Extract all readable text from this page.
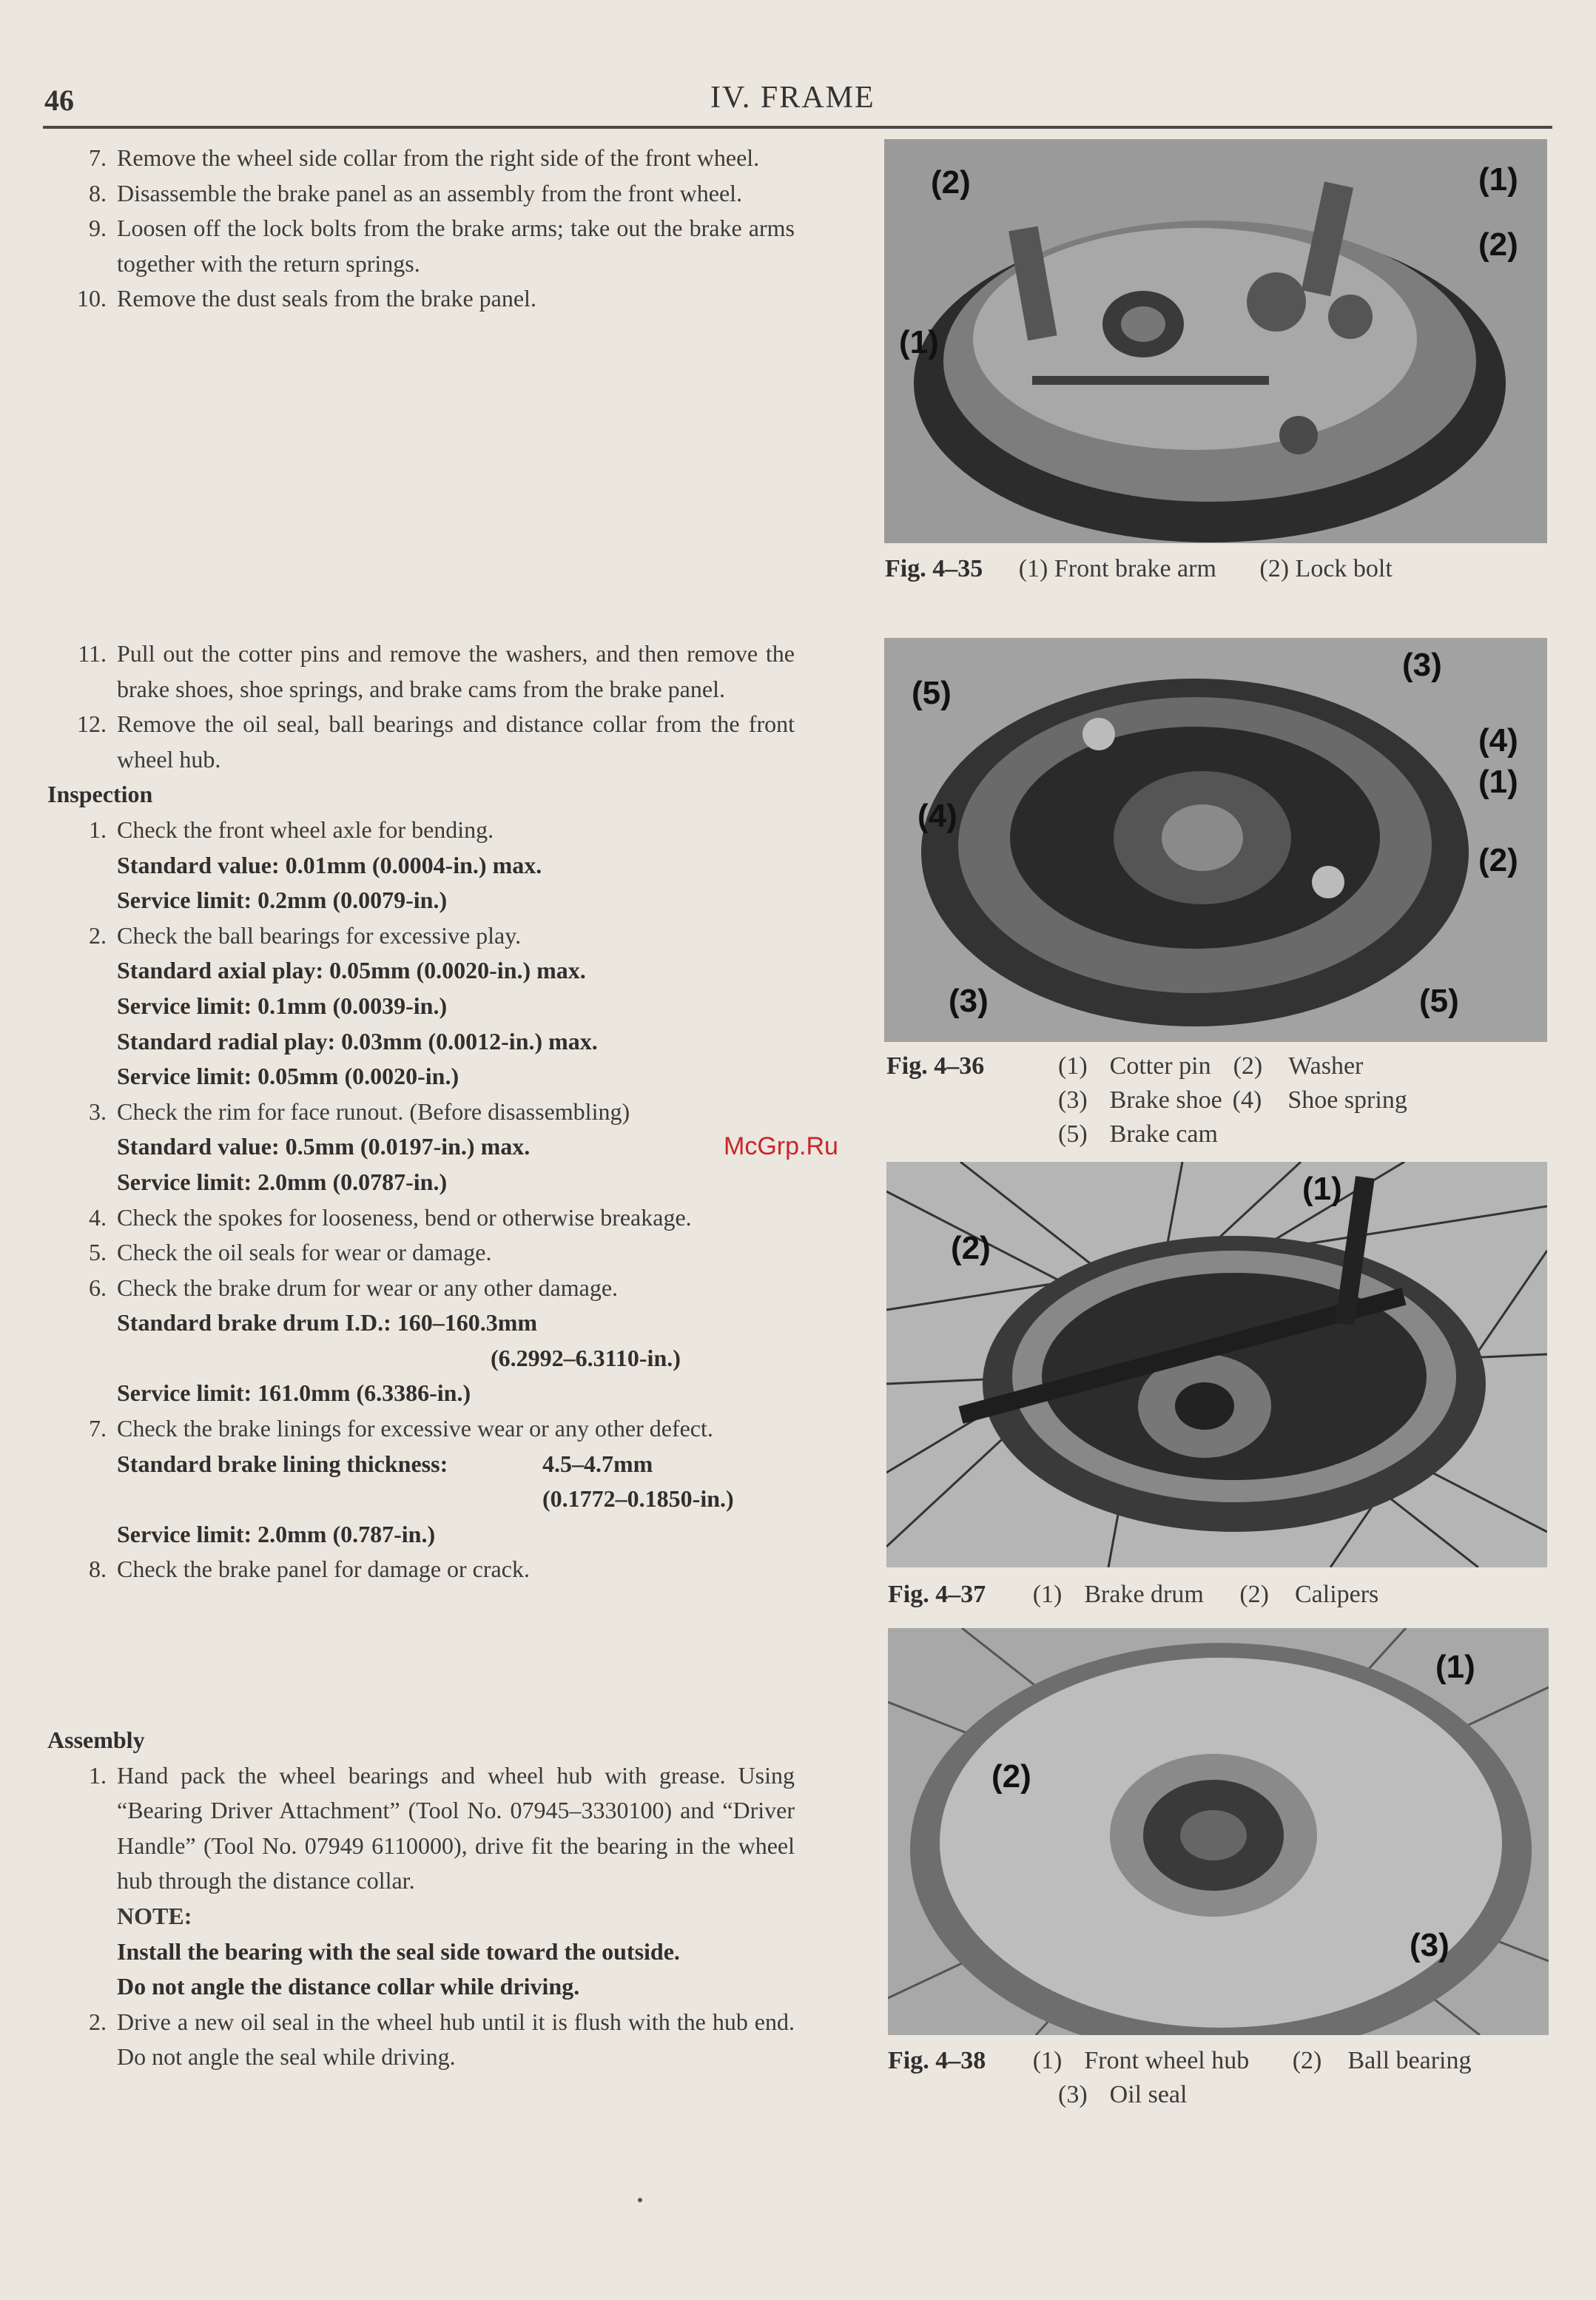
46	IV. FRAME
7. Remove the wheel side collar from the right side of the front wheel.
8. Disassemble the brake panel as an assembly from the front wheel.
9. Loosen off the lock bolts from the brake arms; take out the brake arms together with the return springs.
10. Remove the dust seals from the brake panel.
11. Pull out the cotter pins and remove the washers, and then remove the brake shoes, shoe springs, and brake cams from the brake panel.
12. Remove the oil seal, ball bearings and distance collar from the front wheel hub.
Inspection
1. Check the front wheel axle for bending.
Standard value: 0.01mm (0.0004-in.) max.
Service limit: 0.2mm (0.0079-in.)
2. Check the ball bearings for excessive play.
Standard axial play: 0.05mm (0.0020-in.) max.
Service limit: 0.1mm (0.0039-in.)
Standard radial play: 0.03mm (0.0012-in.) max.
Service limit: 0.05mm (0.0020-in.)
3. Check the rim for face runout. (Before disassembling)
Standard value: 0.5mm (0.0197-in.) max.
Service limit: 2.0mm (0.0787-in.)
4. Check the spokes for looseness, bend or otherwise breakage.
5. Check the oil seals for wear or damage.
6. Check the brake drum for wear or any other damage.
Standard brake drum I.D.: 160–160.3mm
(6.2992–6.3110-in.)
Service limit: 161.0mm (6.3386-in.)
7. Check the brake linings for excessive wear or any other defect.
Standard brake lining thickness:	4.5–4.7mm
(0.1772–0.1850-in.)
Service limit: 2.0mm (0.787-in.)
8. Check the brake panel for damage or crack.
Assembly
1. Hand pack the wheel bearings and wheel hub with grease. Using “Bearing Driver Attachment” (Tool No. 07945–3330100) and “Driver Handle” (Tool No. 07949 6110000), drive fit the bearing in the wheel hub through the distance collar.
NOTE:
Install the bearing with the seal side toward the outside.
Do not angle the distance collar while driving.
2. Drive a new oil seal in the wheel hub until it is flush with the hub end. Do not angle the seal while driving.
(2)	(1)
(1)
(2)
Fig. 4–35 (1) Front brake arm (2) Lock bolt
(5)
(3)
(4)
(4)
(1)
(2)
(3)	(5)
Fig. 4–36	(1) Cotter pin (2) Washer
(3) Brake shoe (4) Shoe spring
(5) Brake cam
(1)
(2)
Fig. 4–37 (1) Brake drum (2) Calipers
(1)
(2)
(3)
Fig. 4–38 (1) Front wheel hub (2) Ball bearing
(3) Oil seal
McGrp.Ru
